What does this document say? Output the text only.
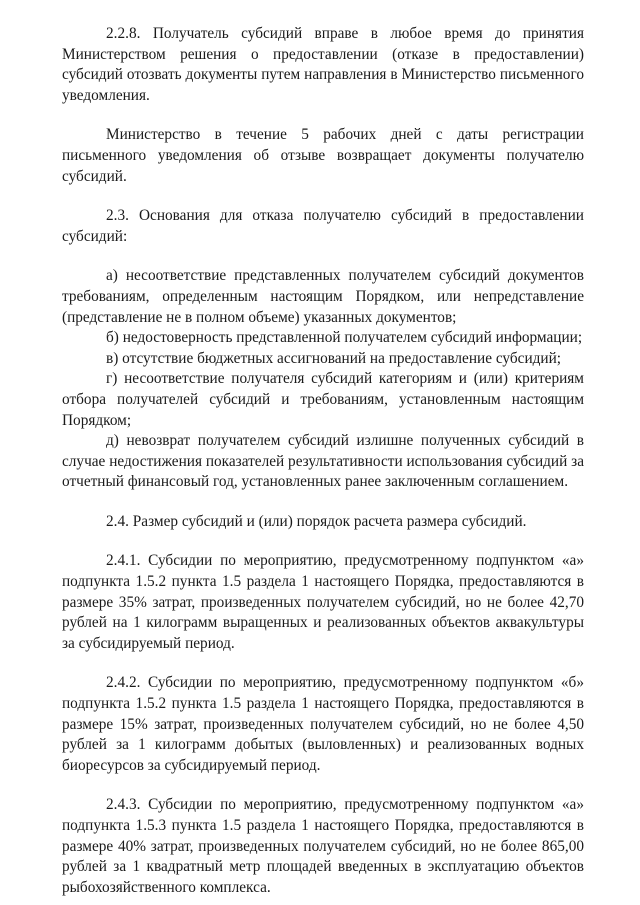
2.2.8. Получатель субсидий вправе в любое время до принятия Министерством решения о предоставлении (отказе в предоставлении) субсидий отозвать документы путем направления в Министерство письменного уведомления.

Министерство в течение 5 рабочих дней с даты регистрации письменного уведомления об отзыве возвращает документы получателю субсидий.

2.3. Основания для отказа получателю субсидий в предоставлении субсидий:

а) несоответствие представленных получателем субсидий документов требованиям, определенным настоящим Порядком, или непредставление (представление не в полном объеме) указанных документов;

б) недостоверность представленной получателем субсидий информации;

в) отсутствие бюджетных ассигнований на предоставление субсидий;

г) несоответствие получателя субсидий категориям и (или) критериям отбора получателей субсидий и требованиям, установленным настоящим Порядком;

д) невозврат получателем субсидий излишне полученных субсидий в случае недостижения показателей результативности использования субсидий за отчетный финансовый год, установленных ранее заключенным соглашением.

2.4. Размер субсидий и (или) порядок расчета размера субсидий.

2.4.1. Субсидии по мероприятию, предусмотренному подпунктом «а» подпункта 1.5.2 пункта 1.5 раздела 1 настоящего Порядка, предоставляются в размере 35% затрат, произведенных получателем субсидий, но не более 42,70 рублей на 1 килограмм выращенных и реализованных объектов аквакультуры за субсидируемый период.

2.4.2. Субсидии по мероприятию, предусмотренному подпунктом «б» подпункта 1.5.2 пункта 1.5 раздела 1 настоящего Порядка, предоставляются в размере 15% затрат, произведенных получателем субсидий, но не более 4,50 рублей за 1 килограмм добытых (выловленных) и реализованных водных биоресурсов за субсидируемый период.

2.4.3. Субсидии по мероприятию, предусмотренному подпунктом «а» подпункта 1.5.3 пункта 1.5 раздела 1 настоящего Порядка, предоставляются в размере 40% затрат, произведенных получателем субсидий, но не более 865,00 рублей за 1 квадратный метр площадей введенных в эксплуатацию объектов рыбохозяйственного комплекса.
